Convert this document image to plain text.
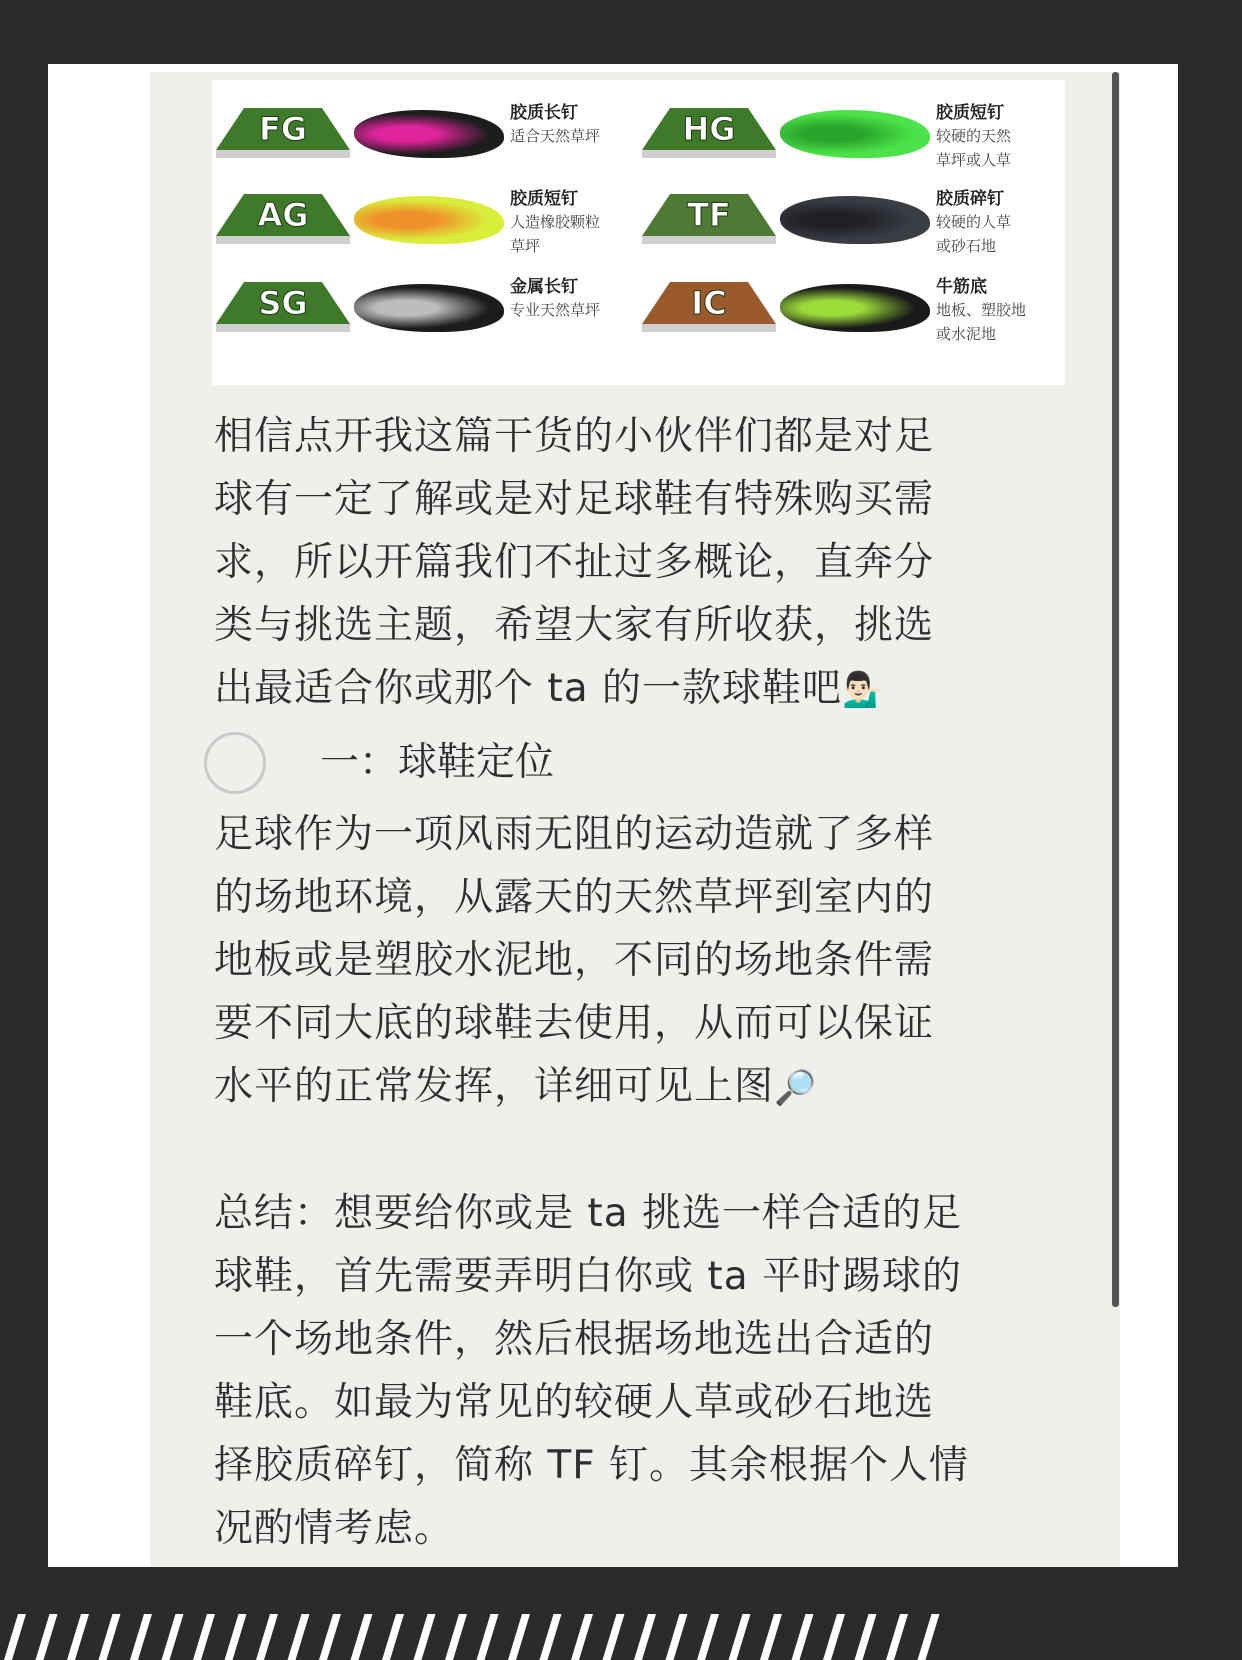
FG	胶质长钉
适合天然草坪	HG	胶质短钉
较硬的天然
草坪或人草
AG	胶质短钉
人造橡胶颗粒
草坪
TF	胶质碎钉
较硬的人草
或砂石地
SG	金属长钉
专业天然草坪	IC	牛筋底
地板、塑胶地
或水泥地
相信点开我这篇干货的小伙伴们都是对足
球有一定了解或是对足球鞋有特殊购买需
求，所以开篇我们不扯过多概论，直奔分
类与挑选主题，希望大家有所收获，挑选
出最适合你或那个 ta 的一款球鞋吧💁🏻‍♂️
一：球鞋定位
足球作为一项风雨无阻的运动造就了多样
的场地环境，从露天的天然草坪到室内的
地板或是塑胶水泥地，不同的场地条件需
要不同大底的球鞋去使用，从而可以保证
水平的正常发挥，详细可见上图🔎
总结：想要给你或是 ta 挑选一样合适的足
球鞋，首先需要弄明白你或 ta 平时踢球的
一个场地条件，然后根据场地选出合适的
鞋底。如最为常见的较硬人草或砂石地选
择胶质碎钉，简称 TF 钉。其余根据个人情
况酌情考虑。
